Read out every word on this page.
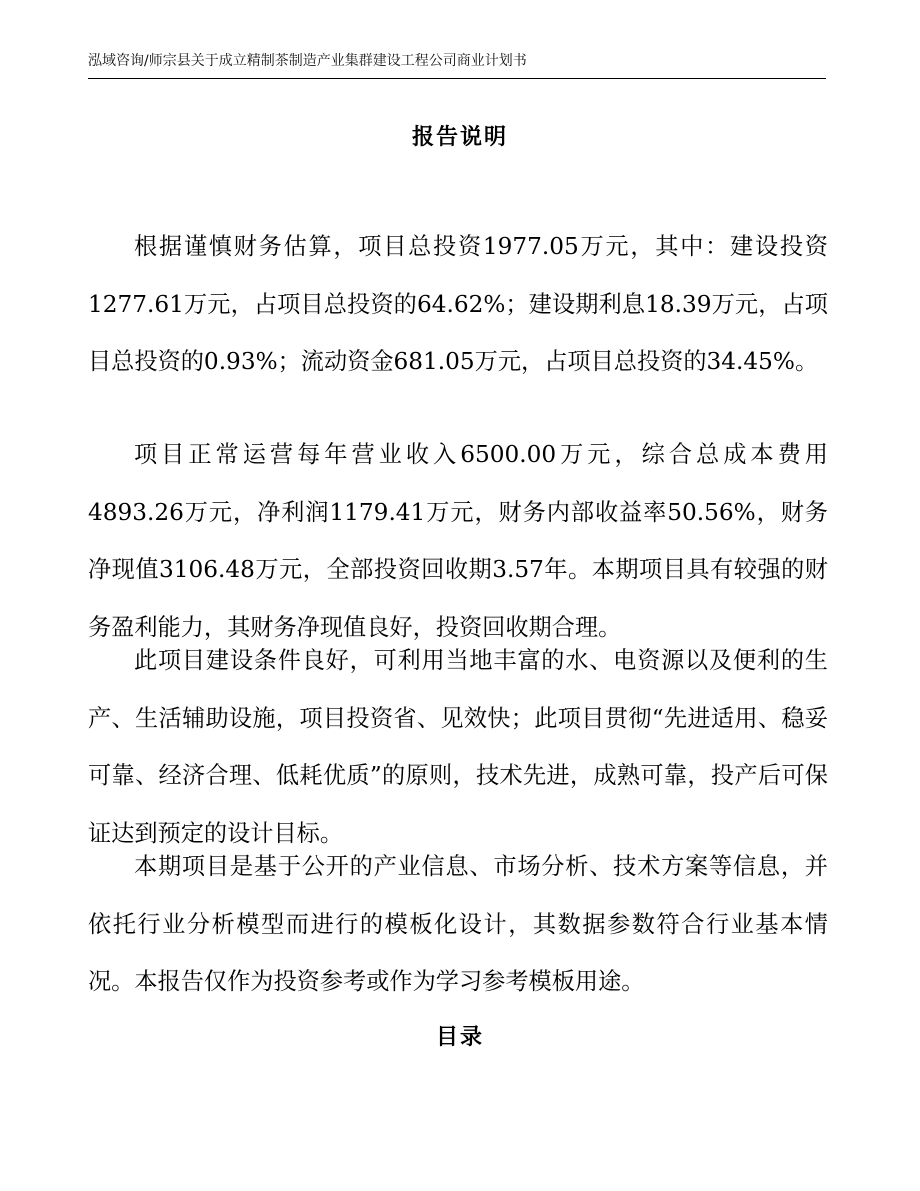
泓域咨询/师宗县关于成立精制茶制造产业集群建设工程公司商业计划书
报告说明

根据谨慎财务估算，项目总投资1977.05万元，其中：建设投资1277.61万元，占项目总投资的64.62%；建设期利息18.39万元，占项目总投资的0.93%；流动资金681.05万元，占项目总投资的34.45%。

项目正常运营每年营业收入6500.00万元，综合总成本费用4893.26万元，净利润1179.41万元，财务内部收益率50.56%，财务净现值3106.48万元，全部投资回收期3.57年。本期项目具有较强的财务盈利能力，其财务净现值良好，投资回收期合理。

此项目建设条件良好，可利用当地丰富的水、电资源以及便利的生产、生活辅助设施，项目投资省、见效快；此项目贯彻“先进适用、稳妥可靠、经济合理、低耗优质”的原则，技术先进，成熟可靠，投产后可保证达到预定的设计目标。

本期项目是基于公开的产业信息、市场分析、技术方案等信息，并依托行业分析模型而进行的模板化设计，其数据参数符合行业基本情况。本报告仅作为投资参考或作为学习参考模板用途。

目录
